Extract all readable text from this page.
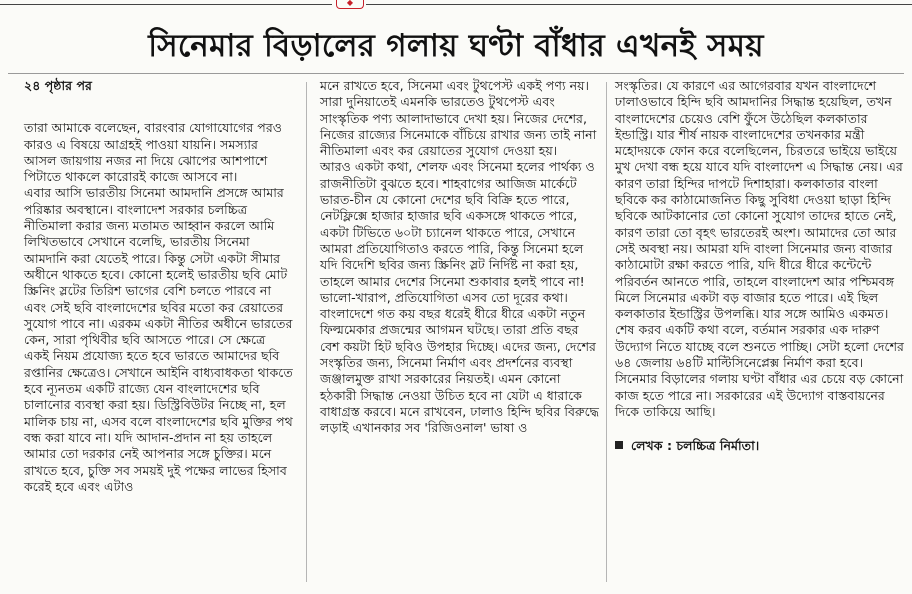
◆
সিনেমার বিড়ালের গলায় ঘণ্টা বাঁধার এখনই সময়

২৪ পৃষ্ঠার পর

তারা আমাকে বলেছেন, বারংবার যোগাযোগের পরও কারও এ বিষয়ে আগ্রহই পাওয়া যায়নি। সমস্যার আসল জায়গায় নজর না দিয়ে ঝোপের আশপাশে পিটাতে থাকলে কারোরই কাজে আসবে না।

এবার আসি ভারতীয় সিনেমা আমদানি প্রসঙ্গে আমার পরিষ্কার অবস্থানে। বাংলাদেশ সরকার চলচ্চিত্র নীতিমালা করার জন্য মতামত আহ্বান করলে আমি লিখিতভাবে সেখানে বলেছি, ভারতীয় সিনেমা আমদানি করা যেতেই পারে। কিন্তু সেটা একটা সীমার অধীনে থাকতে হবে। কোনো হলেই ভারতীয় ছবি মোট স্ক্রিনিং স্লটের তিরিশ ভাগের বেশি চলতে পারবে না এবং সেই ছবি বাংলাদেশের ছবির মতো কর রেয়াতের সুযোগ পাবে না। এরকম একটা নীতির অধীনে ভারতের কেন, সারা পৃথিবীর ছবি আসতে পারে। সে ক্ষেত্রে একই নিয়ম প্রযোজ্য হতে হবে ভারতে আমাদের ছবি রপ্তানির ক্ষেত্রেও। সেখানে আইনি বাধ্যবাধকতা থাকতে হবে ন্যূনতম একটি রাজ্যে যেন বাংলাদেশের ছবি চালানোর ব্যবস্থা করা হয়। ডিস্ট্রিবিউটর নিচ্ছে না, হল মালিক চায় না, এসব বলে বাংলাদেশের ছবি মুক্তির পথ বন্ধ করা যাবে না। যদি আদান-প্রদান না হয় তাহলে আমার তো দরকার নেই আপনার সঙ্গে চুক্তির। মনে রাখতে হবে, চুক্তি সব সময়ই দুই পক্ষের লাভের হিসাব করেই হবে এবং এটাও

মনে রাখতে হবে, সিনেমা এবং টুথপেস্ট একই পণ্য নয়। সারা দুনিয়াতেই এমনকি ভারতেও টুথপেস্ট এবং সাংস্কৃতিক পণ্য আলাদাভাবে দেখা হয়। নিজের দেশের, নিজের রাজ্যের সিনেমাকে বাঁচিয়ে রাখার জন্য তাই নানা নীতিমালা এবং কর রেয়াতের সুযোগ দেওয়া হয়।

আরও একটা কথা, শেলফ এবং সিনেমা হলের পার্থক্য ও রাজনীতিটা বুঝতে হবে। শাহবাগের আজিজ মার্কেটে ভারত-চীন যে কোনো দেশের ছবি বিক্রি হতে পারে, নেটফ্লিক্সে হাজার হাজার ছবি একসঙ্গে থাকতে পারে, একটা টিভিতে ৬০টা চ্যানেল থাকতে পারে, সেখানে আমরা প্রতিযোগিতাও করতে পারি, কিন্তু সিনেমা হলে যদি বিদেশি ছবির জন্য স্ক্রিনিং স্লট নির্দিষ্ট না করা হয়, তাহলে আমার দেশের সিনেমা শুকাবার হলই পাবে না! ভালো-খারাপ, প্রতিযোগিতা এসব তো দূরের কথা।

বাংলাদেশে গত কয় বছর ধরেই ধীরে ধীরে একটা নতুন ফিল্মমেকার প্রজন্মের আগমন ঘটছে। তারা প্রতি বছর বেশ কয়টা হিট ছবিও উপহার দিচ্ছে। এদের জন্য, দেশের সংস্কৃতির জন্য, সিনেমা নির্মাণ এবং প্রদর্শনের ব্যবস্থা জঞ্জালমুক্ত রাখা সরকারের নিয়তই। এমন কোনো হঠকারী সিদ্ধান্ত নেওয়া উচিত হবে না যেটা এ ধারাকে বাধাগ্রস্ত করবে। মনে রাখবেন, ঢালাও হিন্দি ছবির বিরুদ্ধে লড়াই এখানকার সব 'রিজিওনাল' ভাষা ও

সংস্কৃতির। যে কারণে এর আগেরবার যখন বাংলাদেশে ঢালাওভাবে হিন্দি ছবি আমদানির সিদ্ধান্ত হয়েছিল, তখন বাংলাদেশের চেয়েও বেশি ফুঁসে উঠেছিল কলকাতার ইন্ডাস্ট্রি। যার শীর্ষ নায়ক বাংলাদেশের তখনকার মন্ত্রী মহোদয়কে ফোন করে বলেছিলেন, চিরতরে ভাইয়ে ভাইয়ে মুখ দেখা বন্ধ হয়ে যাবে যদি বাংলাদেশ এ সিদ্ধান্ত নেয়। এর কারণ তারা হিন্দির দাপটে দিশাহারা। কলকাতার বাংলা ছবিকে কর কাঠামোজনিত কিছু সুবিধা দেওয়া ছাড়া হিন্দি ছবিকে আটকানোর তো কোনো সুযোগ তাদের হাতে নেই, কারণ তারা তো বৃহৎ ভারতেরই অংশ। আমাদের তো আর সেই অবস্থা নয়। আমরা যদি বাংলা সিনেমার জন্য বাজার কাঠামোটা রক্ষা করতে পারি, যদি ধীরে ধীরে কন্টেন্টে পরিবর্তন আনতে পারি, তাহলে বাংলাদেশ আর পশ্চিমবঙ্গ মিলে সিনেমার একটা বড় বাজার হতে পারে। এই ছিল কলকাতার ইন্ডাস্ট্রির উপলব্ধি। যার সঙ্গে আমিও একমত।

শেষ করব একটি কথা বলে, বর্তমান সরকার এক দারুণ উদ্যোগ নিতে যাচ্ছে বলে শুনতে পাচ্ছি। সেটা হলো দেশের ৬৪ জেলায় ৬৪টি মাল্টিসিনেপ্লেক্স নির্মাণ করা হবে। সিনেমার বিড়ালের গলায় ঘণ্টা বাঁধার এর চেয়ে বড় কোনো কাজ হতে পারে না। সরকারের এই উদ্যোগ বাস্তবায়নের দিকে তাকিয়ে আছি।

লেখক : চলচ্চিত্র নির্মাতা।
